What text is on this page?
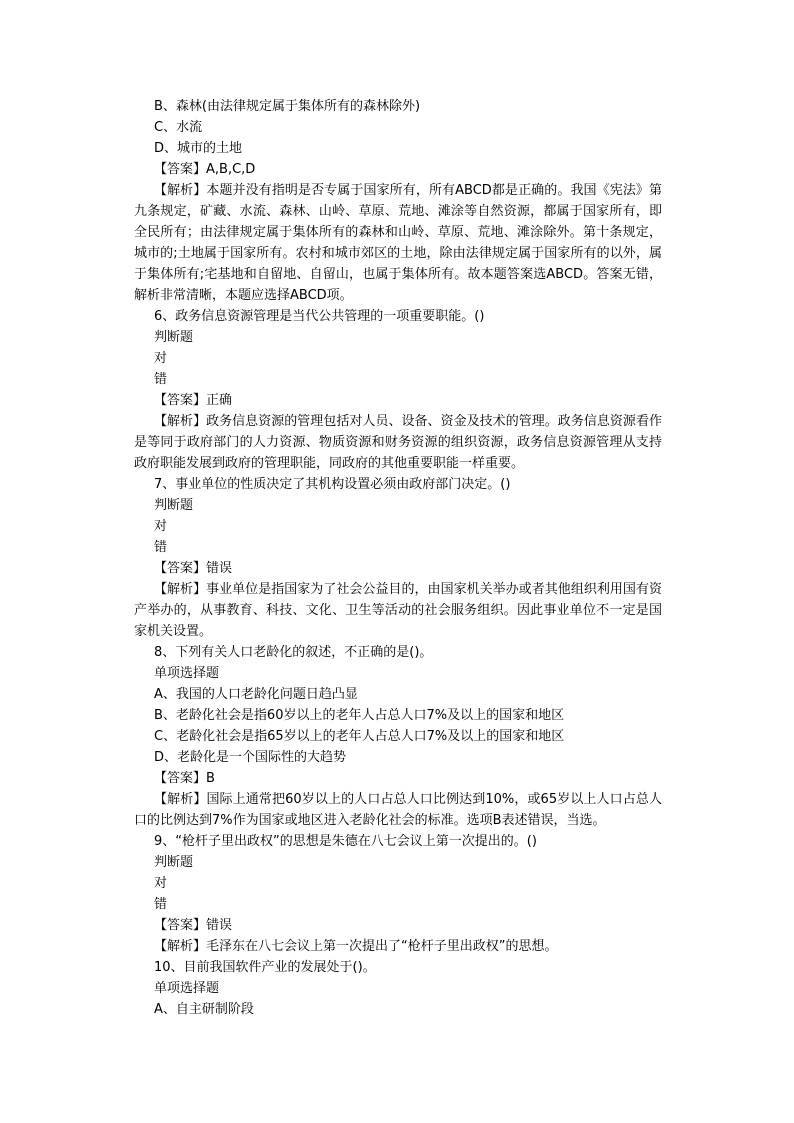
B、森林(由法律规定属于集体所有的森林除外)
C、水流
D、城市的土地
【答案】A,B,C,D
【解析】本题并没有指明是否专属于国家所有，所有ABCD都是正确的。我国《宪法》第九条规定，矿藏、水流、森林、山岭、草原、荒地、滩涂等自然资源，都属于国家所有，即全民所有；由法律规定属于集体所有的森林和山岭、草原、荒地、滩涂除外。第十条规定，城市的;土地属于国家所有。农村和城市郊区的土地，除由法律规定属于国家所有的以外，属于集体所有;宅基地和自留地、自留山，也属于集体所有。故本题答案选ABCD。答案无错，解析非常清晰，本题应选择ABCD项。
6、政务信息资源管理是当代公共管理的一项重要职能。()
判断题
对
错
【答案】正确
【解析】政务信息资源的管理包括对人员、设备、资金及技术的管理。政务信息资源看作是等同于政府部门的人力资源、物质资源和财务资源的组织资源，政务信息资源管理从支持政府职能发展到政府的管理职能，同政府的其他重要职能一样重要。
7、事业单位的性质决定了其机构设置必须由政府部门决定。()
判断题
对
错
【答案】错误
【解析】事业单位是指国家为了社会公益目的，由国家机关举办或者其他组织利用国有资产举办的，从事教育、科技、文化、卫生等活动的社会服务组织。因此事业单位不一定是国家机关设置。
8、下列有关人口老龄化的叙述，不正确的是()。
单项选择题
A、我国的人口老龄化问题日趋凸显
B、老龄化社会是指60岁以上的老年人占总人口7%及以上的国家和地区
C、老龄化社会是指65岁以上的老年人占总人口7%及以上的国家和地区
D、老龄化是一个国际性的大趋势
【答案】B
【解析】国际上通常把60岁以上的人口占总人口比例达到10%，或65岁以上人口占总人口的比例达到7%作为国家或地区进入老龄化社会的标准。选项B表述错误，当选。
9、“枪杆子里出政权”的思想是朱德在八七会议上第一次提出的。()
判断题
对
错
【答案】错误
【解析】毛泽东在八七会议上第一次提出了“枪杆子里出政权”的思想。
10、目前我国软件产业的发展处于()。
单项选择题
A、自主研制阶段
